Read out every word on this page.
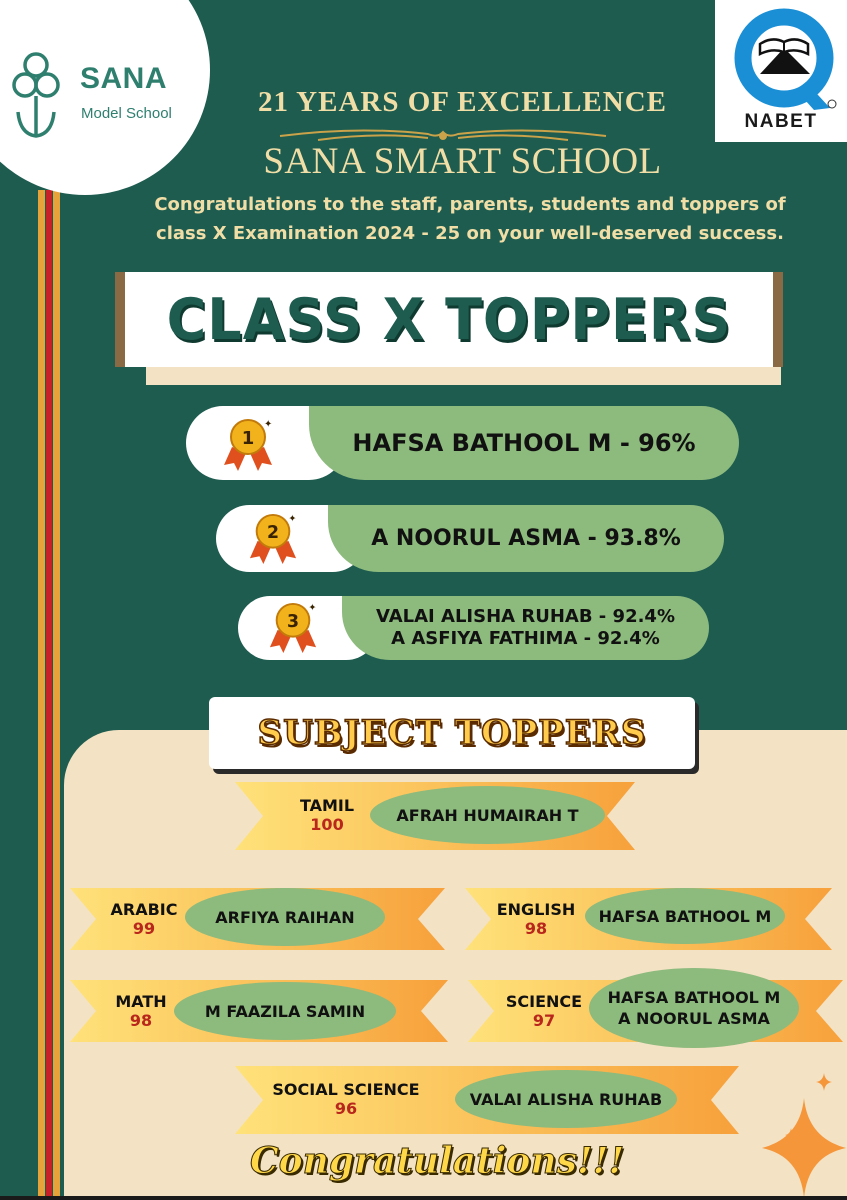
SANA
Model School	NABET
21 YEARS OF EXCELLENCE
SANA SMART SCHOOL
Congratulations to the staff, parents, students and toppers of
class X Examination 2024 - 25 on your well-deserved success.
CLASS X TOPPERS
HAFSA BATHOOL M - 96%
1
✦
A NOORUL ASMA - 93.8%
2
✦
VALAI ALISHA RUHAB - 92.4%
A ASFIYA FATHIMA - 92.4%
3
✦
SUBJECT TOPPERS
TAMIL
100	AFRAH HUMAIRAH T
ARABIC
99
ARFIYA RAIHAN	ENGLISH
98
HAFSA BATHOOL M
MATH
98	M FAAZILA SAMIN	SCIENCE
97
HAFSA BATHOOL M
A NOORUL ASMA
SOCIAL SCIENCE
96	VALAI ALISHA RUHAB
Congratulations!!!
